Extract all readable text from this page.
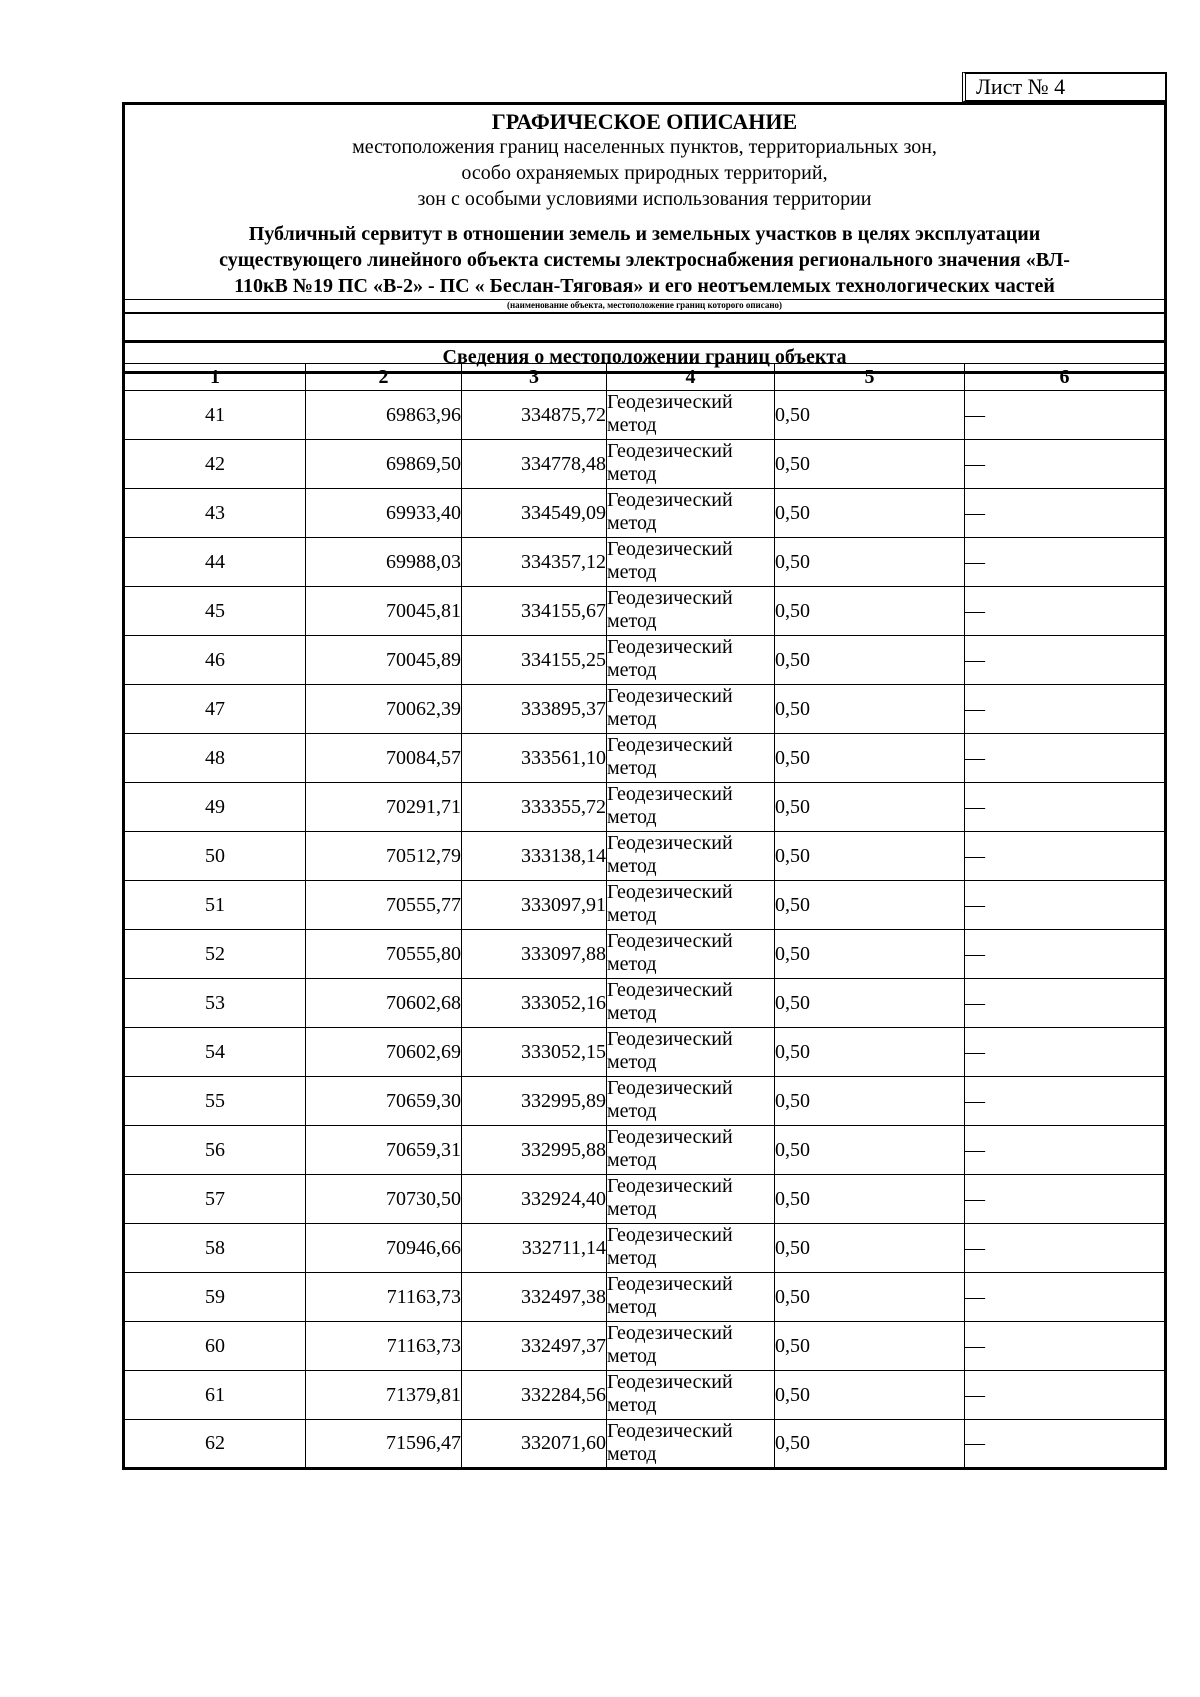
Лист № 4
ГРАФИЧЕСКОЕ ОПИСАНИЕ
местоположения границ населенных пунктов, территориальных зон,
особо охраняемых природных территорий,
зон с особыми условиями использования территории
Публичный сервитут в отношении земель и земельных участков в целях эксплуатации
существующего линейного объекта системы электроснабжения регионального значения «ВЛ-
110кВ №19 ПС «В-2» - ПС « Беслан-Тяговая» и его неотъемлемых технологических частей
(наименование объекта, местоположение границ которого описано)
Сведения о местоположении границ объекта
1	2	3	4	5	6
41	69863,96	334875,72	Геодезический метод	0,50	—
42	69869,50	334778,48	Геодезический метод	0,50	—
43	69933,40	334549,09	Геодезический метод	0,50	—
44	69988,03	334357,12	Геодезический метод	0,50	—
45	70045,81	334155,67	Геодезический метод	0,50	—
46	70045,89	334155,25	Геодезический метод	0,50	—
47	70062,39	333895,37	Геодезический метод	0,50	—
48	70084,57	333561,10	Геодезический метод	0,50	—
49	70291,71	333355,72	Геодезический метод	0,50	—
50	70512,79	333138,14	Геодезический метод	0,50	—
51	70555,77	333097,91	Геодезический метод	0,50	—
52	70555,80	333097,88	Геодезический метод	0,50	—
53	70602,68	333052,16	Геодезический метод	0,50	—
54	70602,69	333052,15	Геодезический метод	0,50	—
55	70659,30	332995,89	Геодезический метод	0,50	—
56	70659,31	332995,88	Геодезический метод	0,50	—
57	70730,50	332924,40	Геодезический метод	0,50	—
58	70946,66	332711,14	Геодезический метод	0,50	—
59	71163,73	332497,38	Геодезический метод	0,50	—
60	71163,73	332497,37	Геодезический метод	0,50	—
61	71379,81	332284,56	Геодезический метод	0,50	—
62	71596,47	332071,60	Геодезический метод	0,50	—
